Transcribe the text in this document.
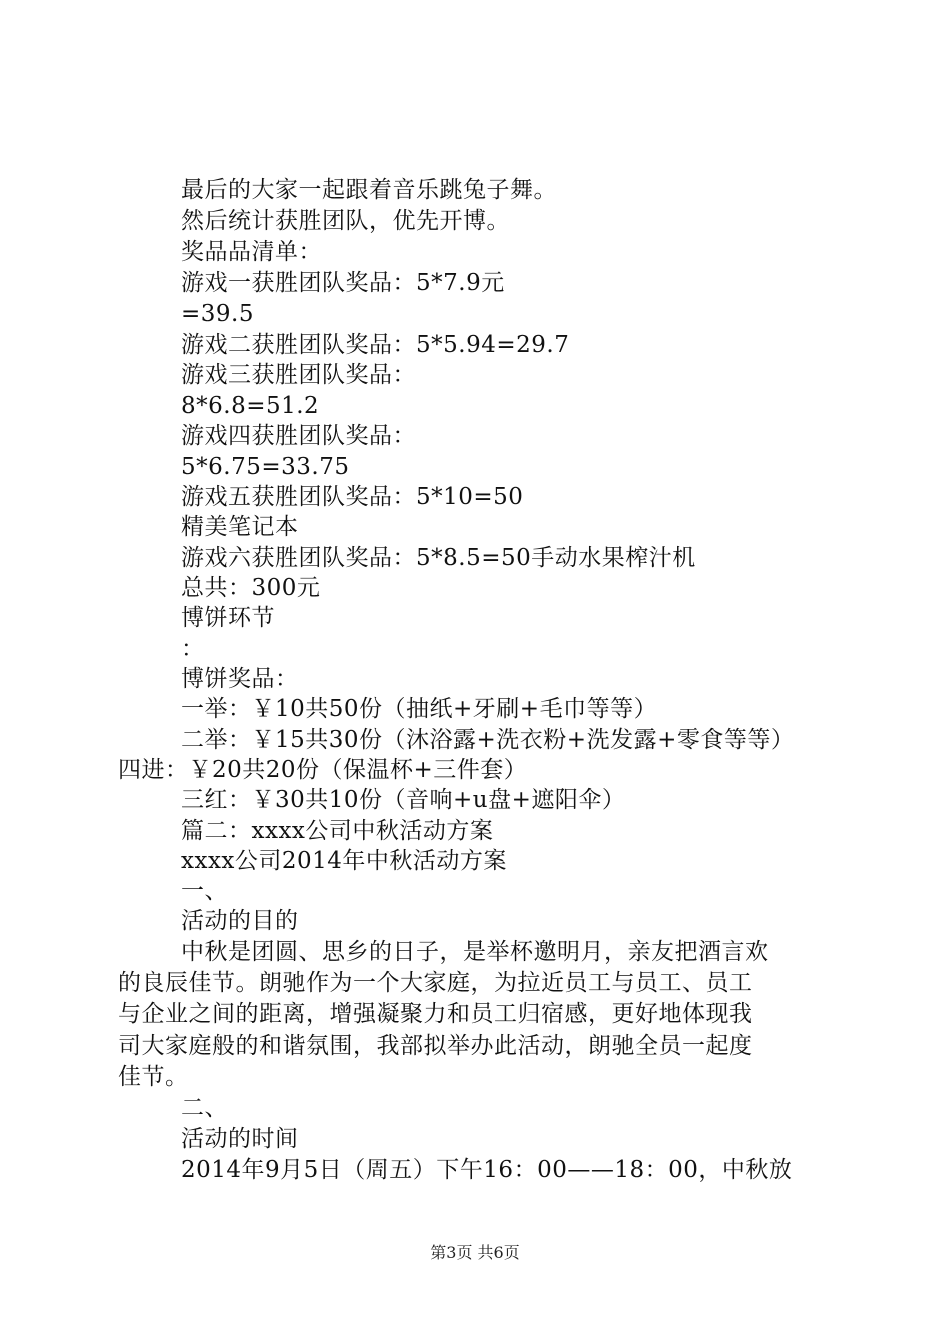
最后的大家一起跟着音乐跳兔子舞。
然后统计获胜团队，优先开博。
奖品品清单：
游戏一获胜团队奖品：5*7.9元
=39.5
游戏二获胜团队奖品：5*5.94=29.7
游戏三获胜团队奖品：
8*6.8=51.2
游戏四获胜团队奖品：
5*6.75=33.75
游戏五获胜团队奖品：5*10=50
精美笔记本
游戏六获胜团队奖品：5*8.5=50手动水果榨汁机
总共：300元
博饼环节
：
博饼奖品：
一举：￥10共50份（抽纸+牙刷+毛巾等等）
二举：￥15共30份（沐浴露+洗衣粉+洗发露+零食等等）
四进：￥20共20份（保温杯+三件套）
三红：￥30共10份（音响+u盘+遮阳伞）
篇二：xxxx公司中秋活动方案
xxxx公司2014年中秋活动方案
一、
活动的目的
中秋是团圆、思乡的日子，是举杯邀明月，亲友把酒言欢
的良辰佳节。朗驰作为一个大家庭，为拉近员工与员工、员工
与企业之间的距离，增强凝聚力和员工归宿感，更好地体现我
司大家庭般的和谐氛围，我部拟举办此活动，朗驰全员一起度
佳节。
二、
活动的时间
2014年9月5日（周五）下午16：00——18：00，中秋放
第3页 共6页
